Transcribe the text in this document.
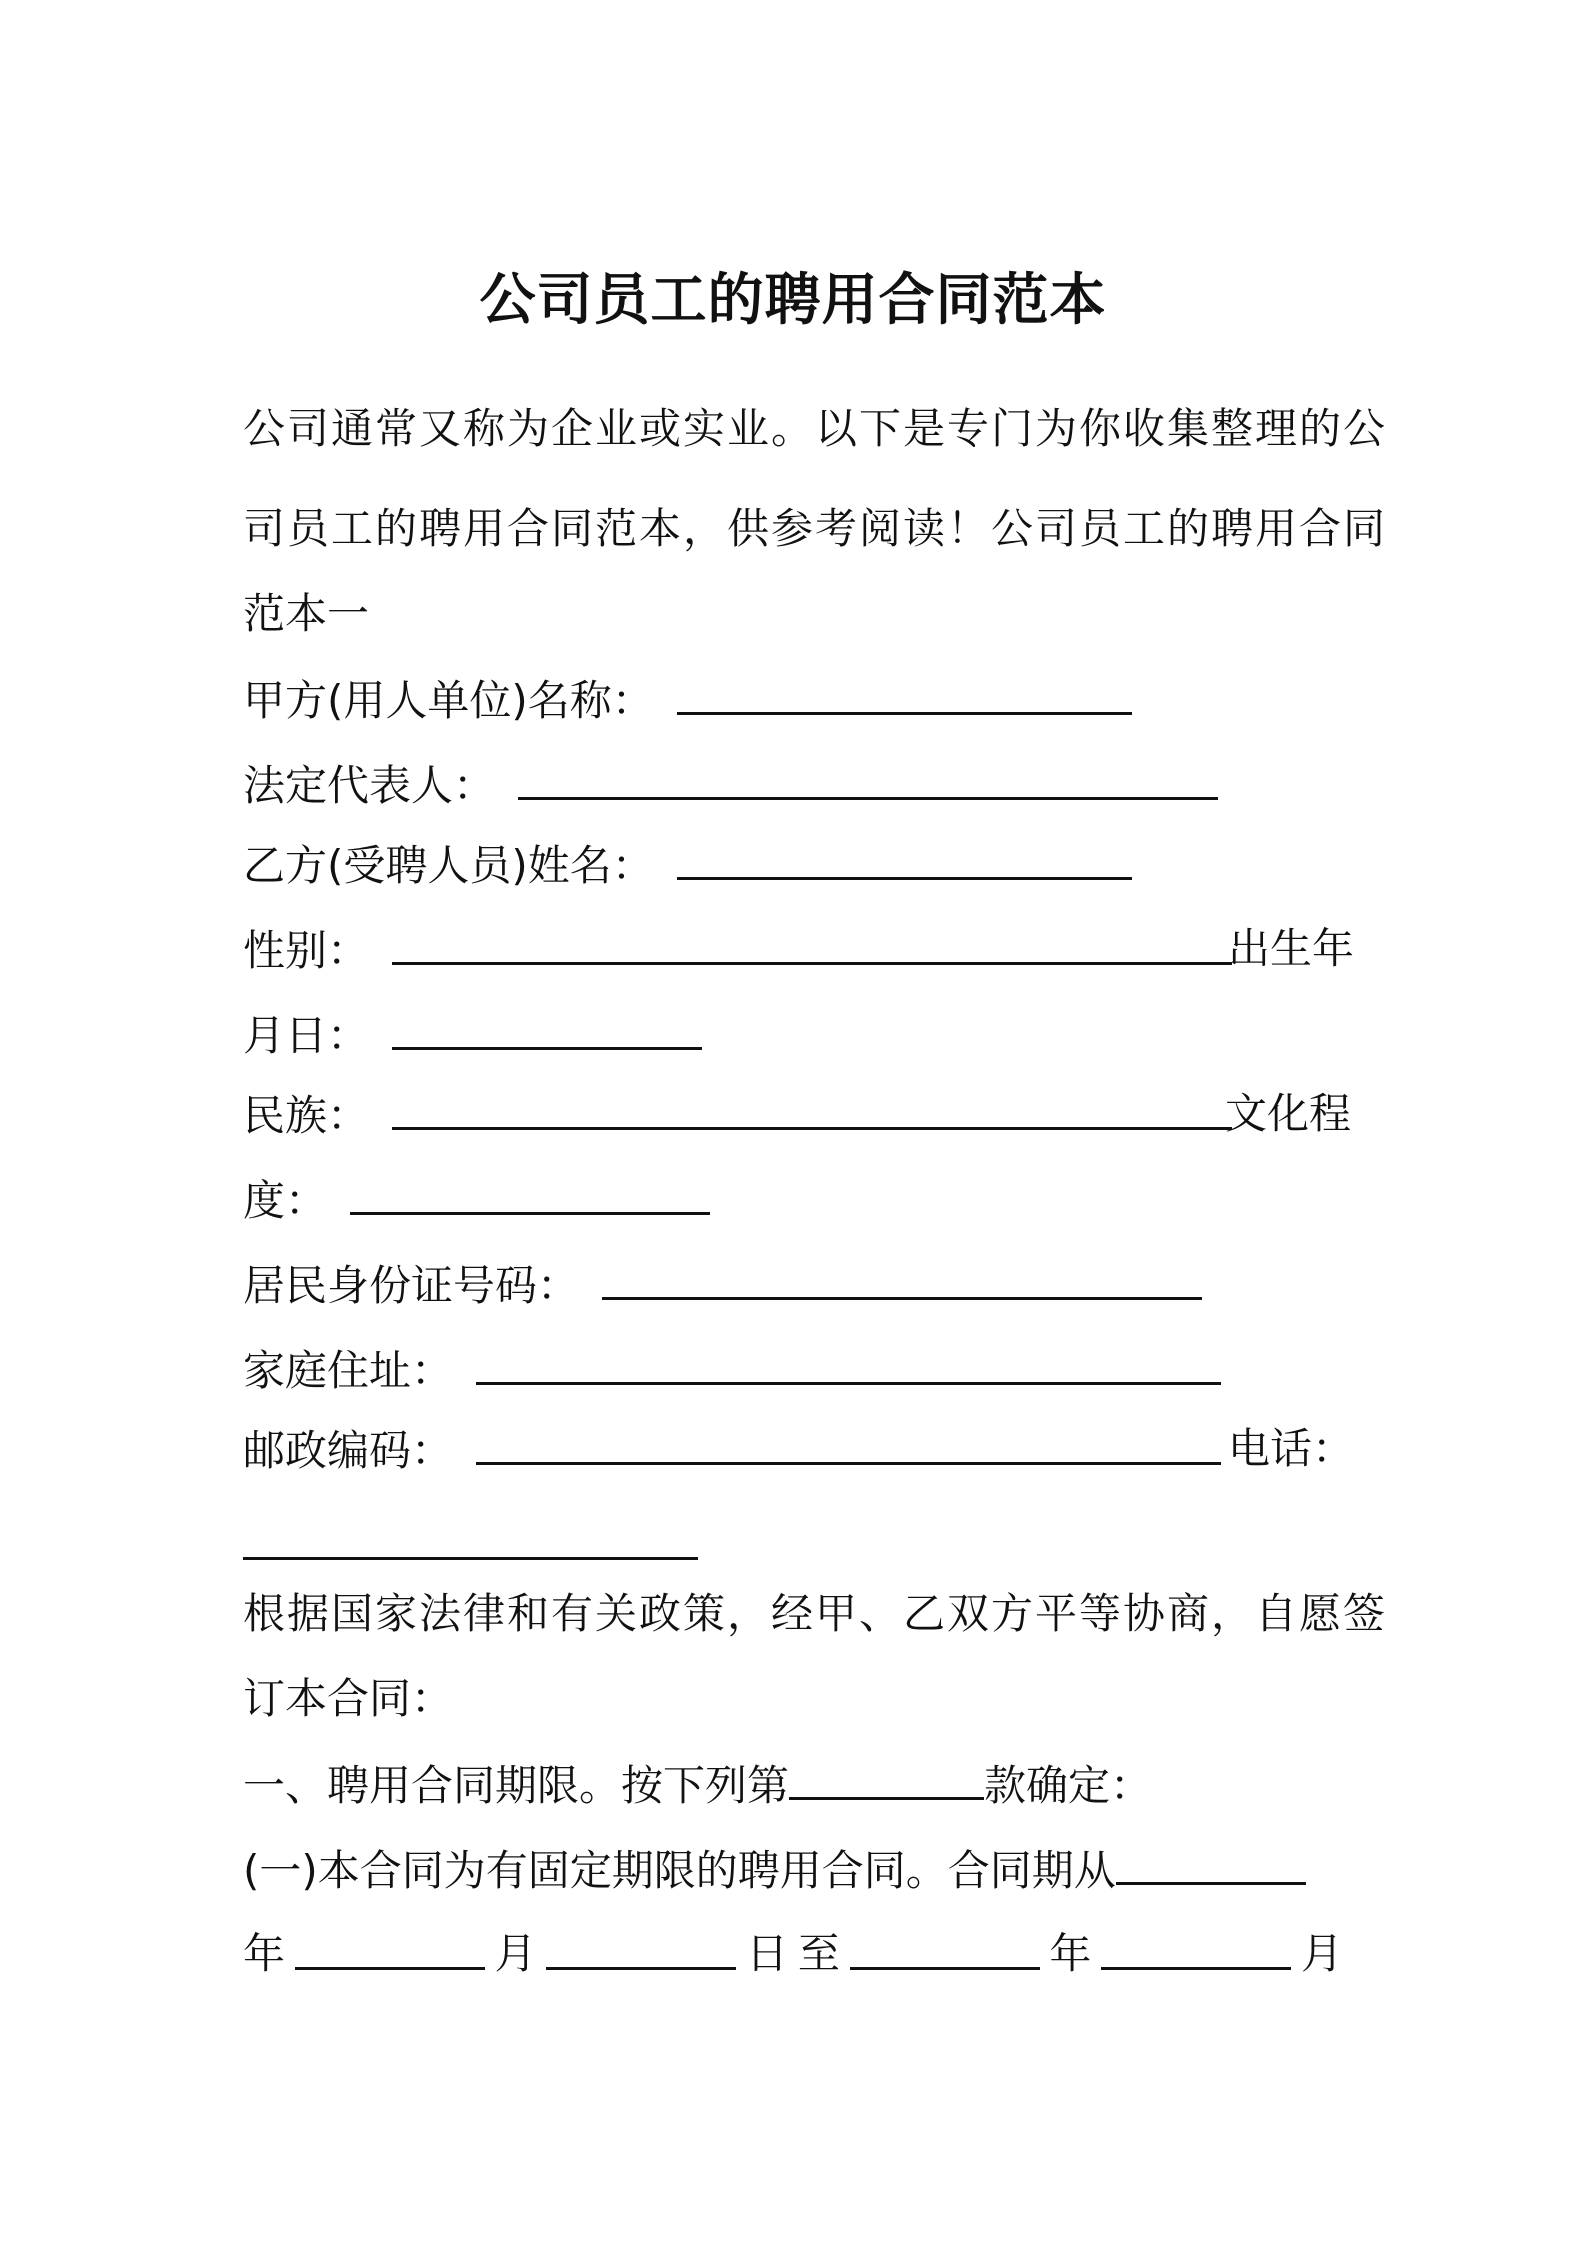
公司员工的聘用合同范本
公司通常又称为企业或实业。以下是专门为你收集整理的公
司员工的聘用合同范本，供参考阅读！公司员工的聘用合同
范本一
甲方(用人单位)名称：
法定代表人：
乙方(受聘人员)姓名：
性别：	出生年
月日：
民族：	文化程
度：
居民身份证号码：
家庭住址：
邮政编码：	电话：
根据国家法律和有关政策，经甲、乙双方平等协商，自愿签
订本合同：
一、聘用合同期限。按下列第	款确定：
(一)本合同为有固定期限的聘用合同。合同期从
年	月	日 至	年	月
